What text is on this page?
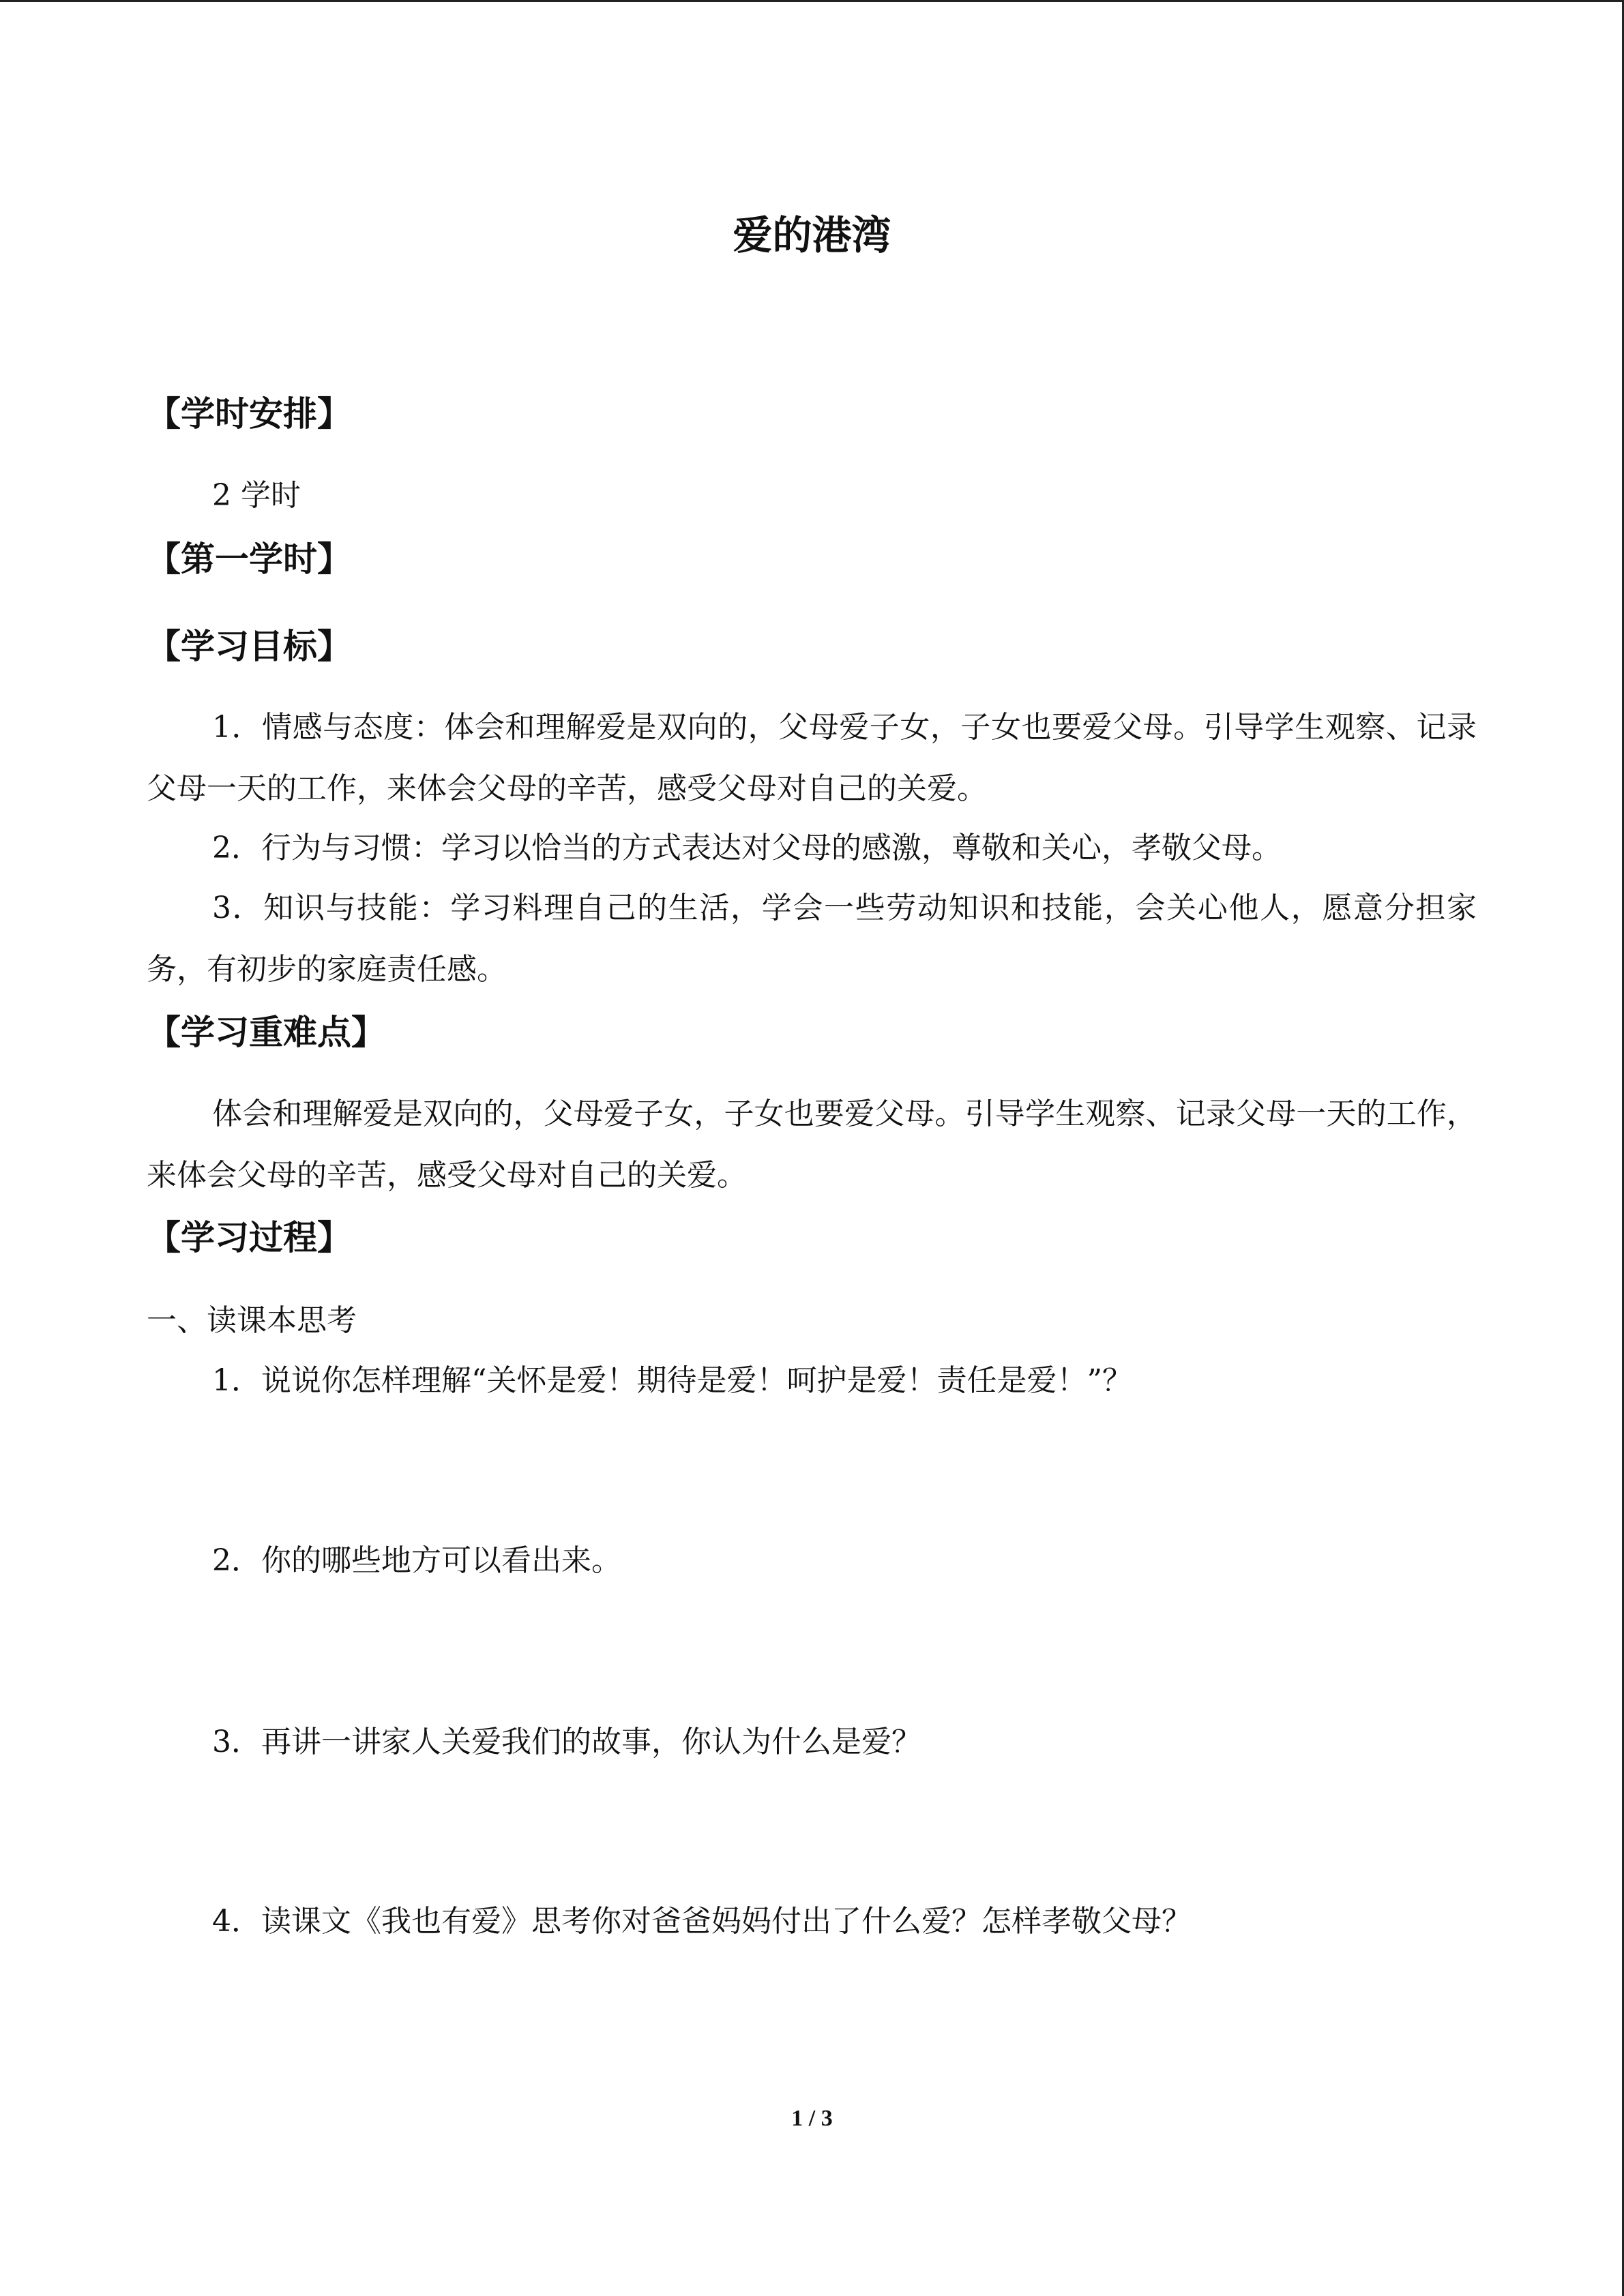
爱的港湾
【学时安排】
2 学时
【第一学时】
【学习目标】
1．情感与态度：体会和理解爱是双向的，父母爱子女，子女也要爱父母。引导学生观察、记录父母一天的工作，来体会父母的辛苦，感受父母对自己的关爱。
2．行为与习惯：学习以恰当的方式表达对父母的感激，尊敬和关心，孝敬父母。
3．知识与技能：学习料理自己的生活，学会一些劳动知识和技能，会关心他人，愿意分担家务，有初步的家庭责任感。
【学习重难点】
体会和理解爱是双向的，父母爱子女，子女也要爱父母。引导学生观察、记录父母一天的工作，来体会父母的辛苦，感受父母对自己的关爱。
【学习过程】
一、读课本思考
1．说说你怎样理解“关怀是爱！期待是爱！呵护是爱！责任是爱！”？
2．你的哪些地方可以看出来。
3．再讲一讲家人关爱我们的故事，你认为什么是爱？
4．读课文《我也有爱》思考你对爸爸妈妈付出了什么爱？怎样孝敬父母？
1 / 3
